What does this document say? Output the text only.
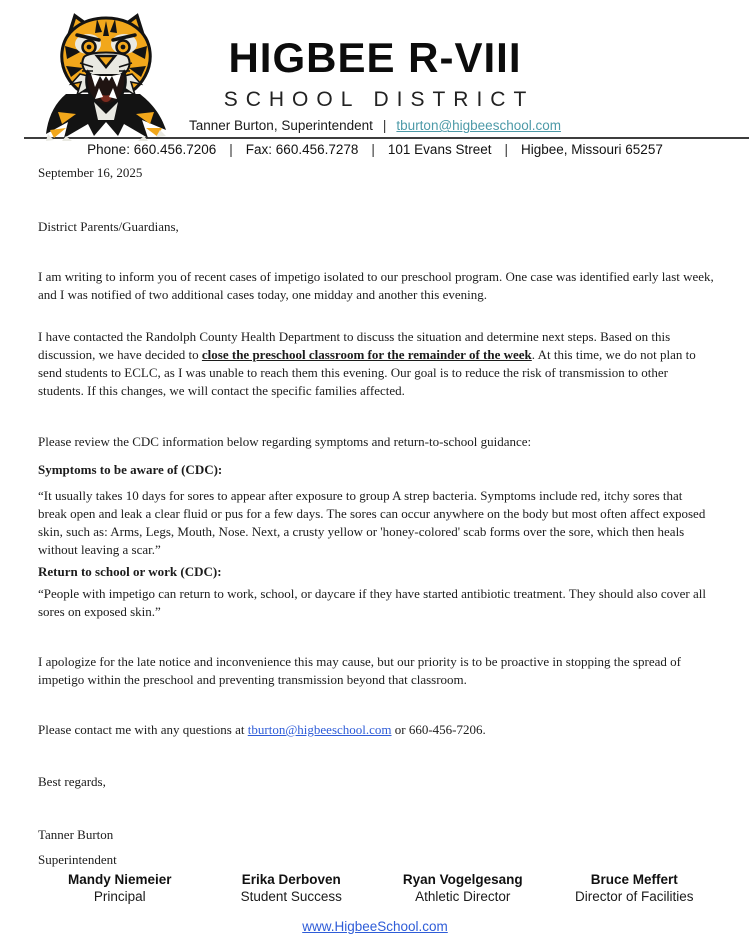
HIGBEE R-VIII
SCHOOL DISTRICT
Tanner Burton, Superintendent | tburton@higbeeschool.com
Phone: 660.456.7206 | Fax: 660.456.7278 | 101 Evans Street | Higbee, Missouri 65257

September 16, 2025

District Parents/Guardians,

I am writing to inform you of recent cases of impetigo isolated to our preschool program. One case was identified early last week, and I was notified of two additional cases today, one midday and another this evening.

I have contacted the Randolph County Health Department to discuss the situation and determine next steps. Based on this discussion, we have decided to close the preschool classroom for the remainder of the week. At this time, we do not plan to send students to ECLC, as I was unable to reach them this evening. Our goal is to reduce the risk of transmission to other students. If this changes, we will contact the specific families affected.

Please review the CDC information below regarding symptoms and return-to-school guidance:

Symptoms to be aware of (CDC):

“It usually takes 10 days for sores to appear after exposure to group A strep bacteria. Symptoms include red, itchy sores that break open and leak a clear fluid or pus for a few days. The sores can occur anywhere on the body but most often affect exposed skin, such as: Arms, Legs, Mouth, Nose. Next, a crusty yellow or 'honey-colored' scab forms over the sore, which then heals without leaving a scar.”

Return to school or work (CDC):

“People with impetigo can return to work, school, or daycare if they have started antibiotic treatment. They should also cover all sores on exposed skin.”

I apologize for the late notice and inconvenience this may cause, but our priority is to be proactive in stopping the spread of impetigo within the preschool and preventing transmission beyond that classroom.

Please contact me with any questions at tburton@higbeeschool.com or 660-456-7206.

Best regards,

Tanner Burton

Superintendent

Mandy Niemeier
Principal
Erika Derboven
Student Success
Ryan Vogelgesang
Athletic Director
Bruce Meffert
Director of Facilities
www.HigbeeSchool.com
